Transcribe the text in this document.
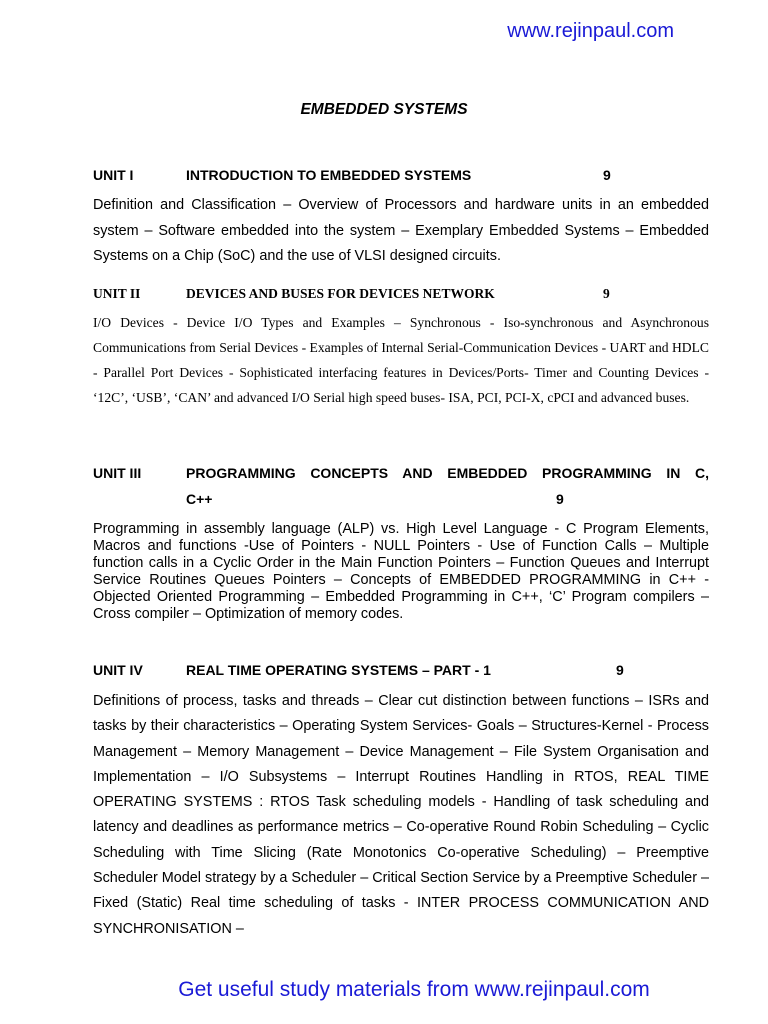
www.rejinpaul.com
EMBEDDED SYSTEMS
UNIT I	INTRODUCTION TO EMBEDDED SYSTEMS	9
Definition and Classification – Overview of Processors and hardware units in an embedded system – Software embedded into the system – Exemplary Embedded Systems – Embedded Systems on a Chip (SoC) and the use of VLSI designed circuits.
UNIT II	DEVICES AND BUSES FOR DEVICES NETWORK	9
I/O Devices - Device I/O Types and Examples – Synchronous - Iso-synchronous and Asynchronous Communications from Serial Devices - Examples of Internal Serial-Communication Devices - UART and HDLC - Parallel Port Devices - Sophisticated interfacing features in Devices/Ports- Timer and Counting Devices - ‘12C’, ‘USB’, ‘CAN’ and advanced I/O Serial high speed buses- ISA, PCI, PCI-X, cPCI and advanced buses.
UNIT III	PROGRAMMING CONCEPTS AND EMBEDDED PROGRAMMING IN C,
C++	9
Programming in assembly language (ALP) vs. High Level Language - C Program Elements, Macros and functions -Use of Pointers - NULL Pointers - Use of Function Calls – Multiple function calls in a Cyclic Order in the Main Function Pointers – Function Queues and Interrupt Service Routines Queues Pointers – Concepts of EMBEDDED PROGRAMMING in C++ - Objected Oriented Programming – Embedded Programming in C++, ‘C’ Program compilers – Cross compiler – Optimization of memory codes.
UNIT IV	REAL TIME OPERATING SYSTEMS – PART - 1	9
Definitions of process, tasks and threads – Clear cut distinction between functions – ISRs and tasks by their characteristics – Operating System Services- Goals – Structures-Kernel - Process Management – Memory Management – Device Management – File System Organisation and Implementation – I/O Subsystems – Interrupt Routines Handling in RTOS, REAL TIME OPERATING SYSTEMS : RTOS Task scheduling models - Handling of task scheduling and latency and deadlines as performance metrics – Co-operative Round Robin Scheduling – Cyclic Scheduling with Time Slicing (Rate Monotonics Co-operative Scheduling) – Preemptive Scheduler Model strategy by a Scheduler – Critical Section Service by a Preemptive Scheduler – Fixed (Static) Real time scheduling of tasks - INTER PROCESS COMMUNICATION AND SYNCHRONISATION –
Get useful study materials from www.rejinpaul.com
